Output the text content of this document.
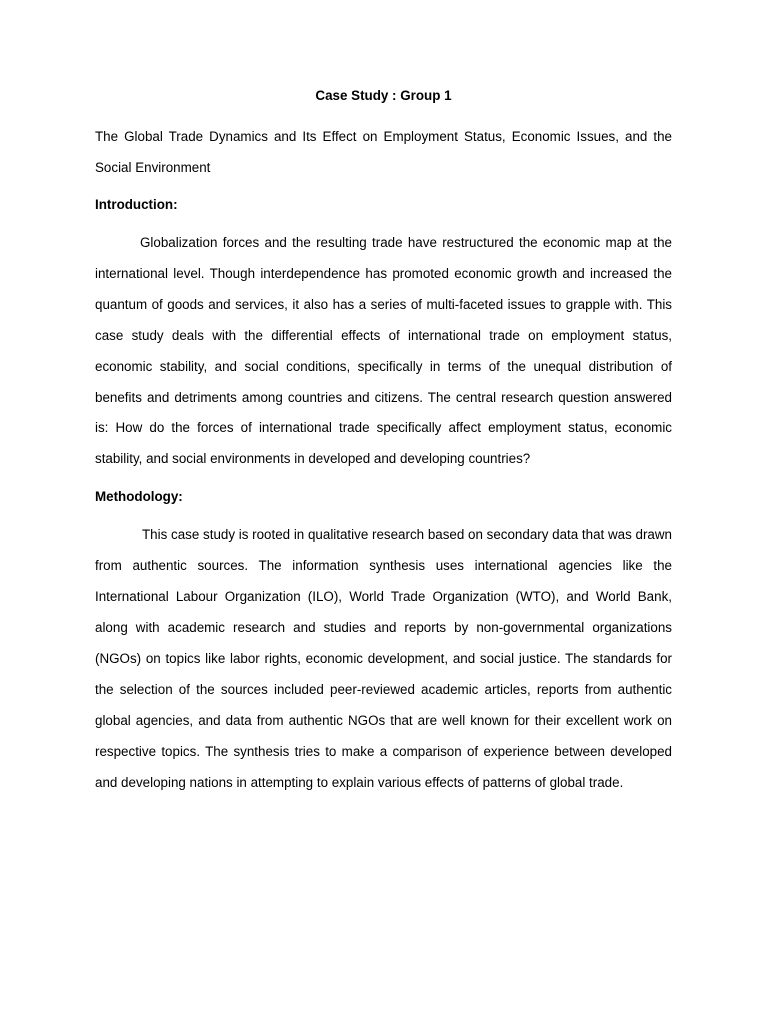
Case Study : Group 1
The Global Trade Dynamics and Its Effect on Employment Status, Economic Issues, and the Social Environment
Introduction:
Globalization forces and the resulting trade have restructured the economic map at the international level. Though interdependence has promoted economic growth and increased the quantum of goods and services, it also has a series of multi-faceted issues to grapple with. This case study deals with the differential effects of international trade on employment status, economic stability, and social conditions, specifically in terms of the unequal distribution of benefits and detriments among countries and citizens. The central research question answered is: How do the forces of international trade specifically affect employment status, economic stability, and social environments in developed and developing countries?
Methodology:
This case study is rooted in qualitative research based on secondary data that was drawn from authentic sources. The information synthesis uses international agencies like the International Labour Organization (ILO), World Trade Organization (WTO), and World Bank, along with academic research and studies and reports by non-governmental organizations (NGOs) on topics like labor rights, economic development, and social justice. The standards for the selection of the sources included peer-reviewed academic articles, reports from authentic global agencies, and data from authentic NGOs that are well known for their excellent work on respective topics. The synthesis tries to make a comparison of experience between developed and developing nations in attempting to explain various effects of patterns of global trade.
